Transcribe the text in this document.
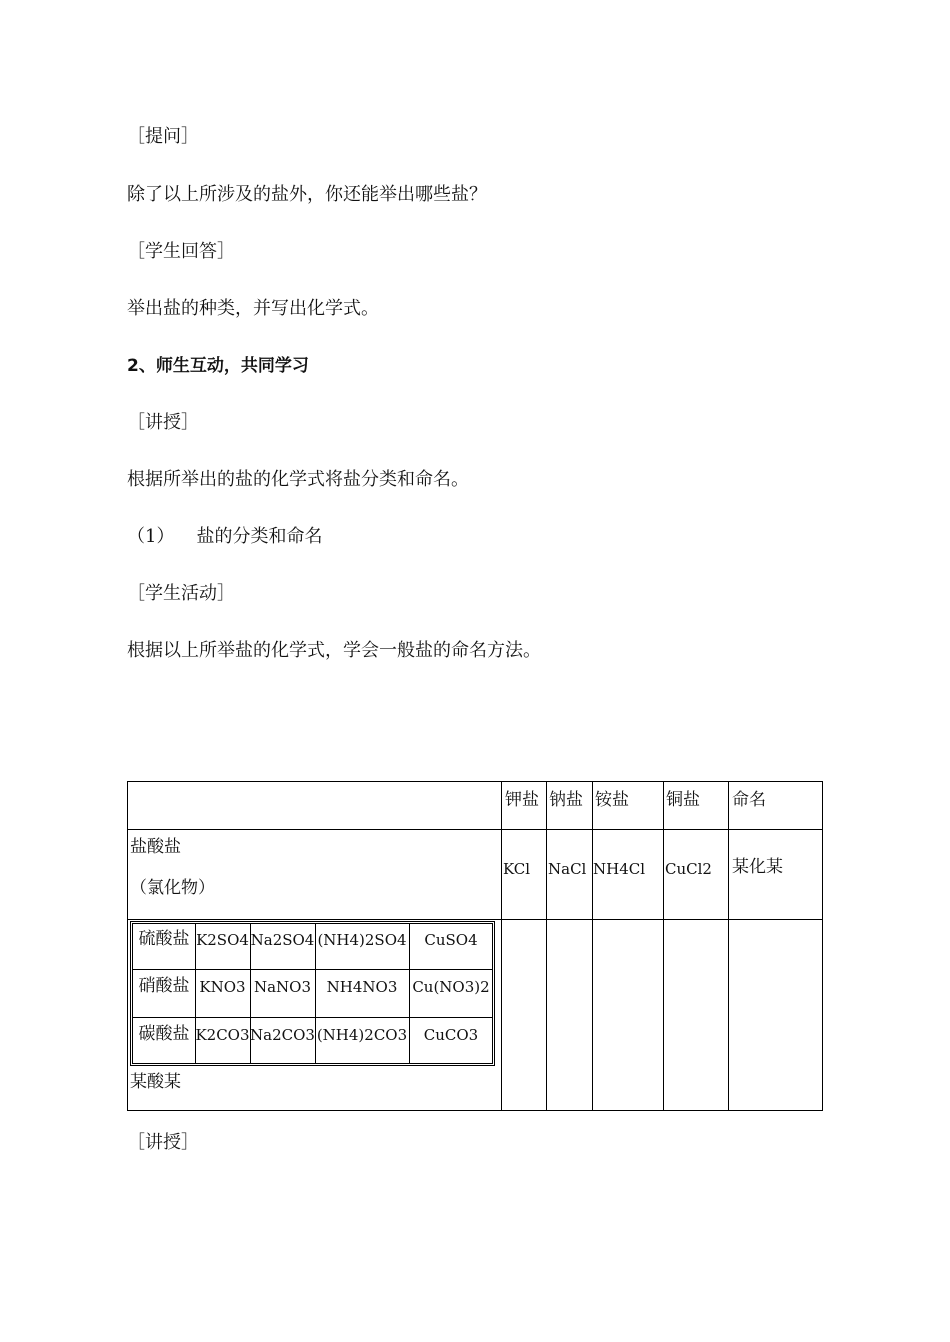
［提问］
除了以上所涉及的盐外，你还能举出哪些盐？
［学生回答］
举出盐的种类，并写出化学式。
2、师生互动，共同学习
［讲授］
根据所举出的盐的化学式将盐分类和命名。
（1） 盐的分类和命名
［学生活动］
根据以上所举盐的化学式，学会一般盐的命名方法。
钾盐 钠盐 铵盐 铜盐 命名
盐酸盐
（氯化物）
KCl NaCl NH4Cl CuCl2 某化某
硫酸盐 K2SO4 Na2SO4 (NH4)2SO4	CuSO4
硝酸盐 KNO3 NaNO3	NH4NO3 Cu(NO3)2
碳酸盐 K2CO3 Na2CO3 (NH4)2CO3	CuCO3
某酸某
［讲授］
